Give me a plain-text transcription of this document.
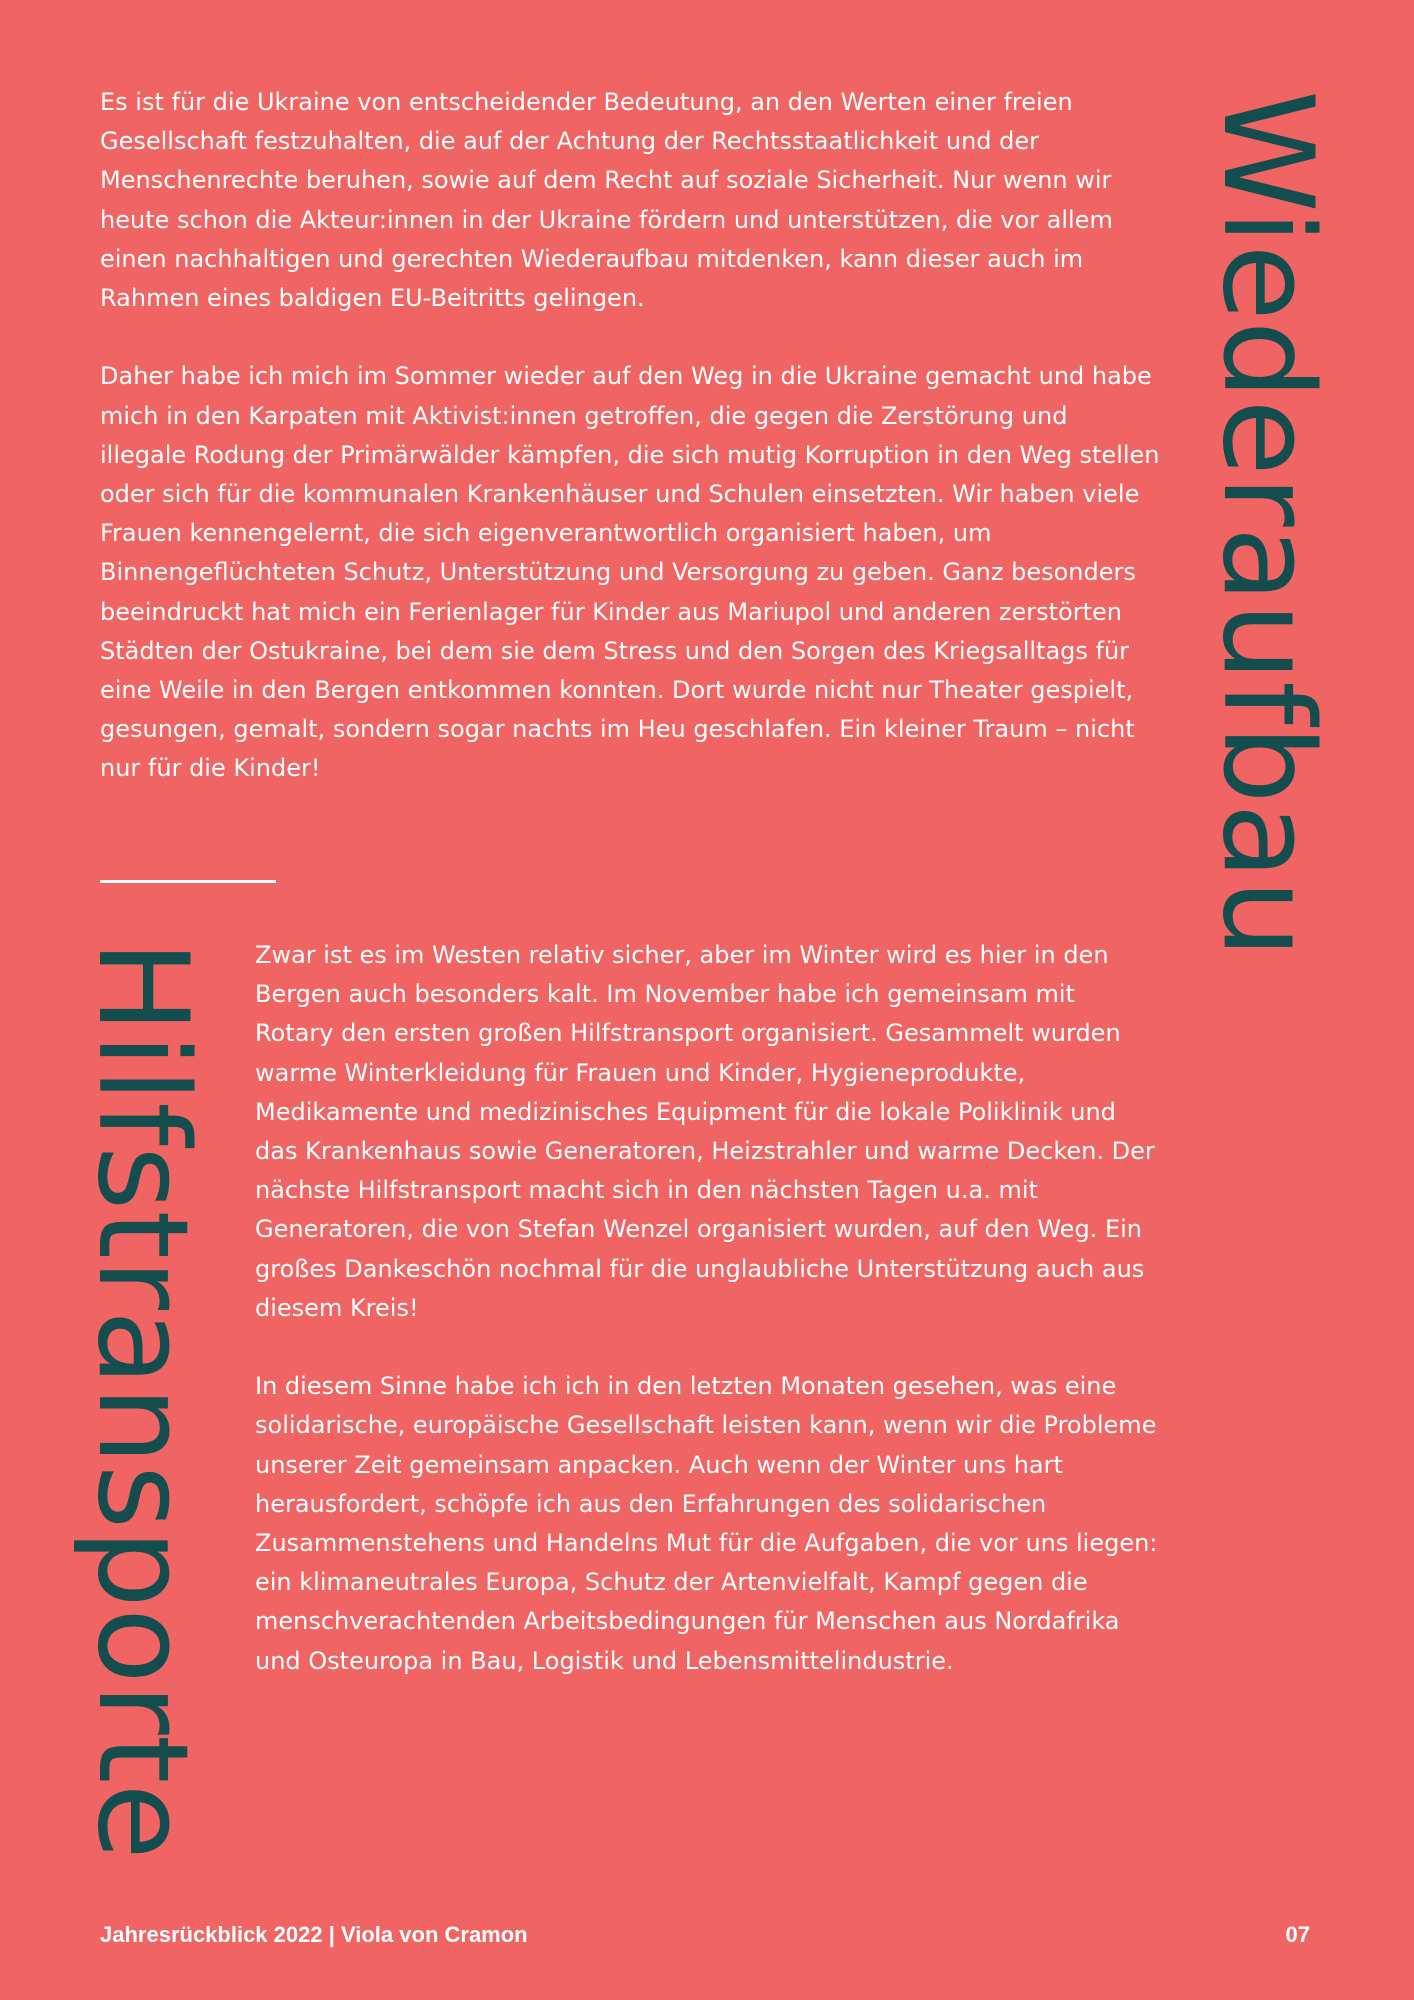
Es ist für die Ukraine von entscheidender Bedeutung, an den Werten einer freien Gesellschaft festzuhalten, die auf der Achtung der Rechtsstaatlichkeit und der Menschenrechte beruhen, sowie auf dem Recht auf soziale Sicherheit. Nur wenn wir heute schon die Akteur:innen in der Ukraine fördern und unterstützen, die vor allem einen nachhaltigen und gerechten Wiederaufbau mitdenken, kann dieser auch im Rahmen eines baldigen EU-Beitritts gelingen.

Daher habe ich mich im Sommer wieder auf den Weg in die Ukraine gemacht und habe mich in den Karpaten mit Aktivist:innen getroffen, die gegen die Zerstörung und illegale Rodung der Primärwälder kämpfen, die sich mutig Korruption in den Weg stellen oder sich für die kommunalen Krankenhäuser und Schulen einsetzten. Wir haben viele Frauen kennengelernt, die sich eigenverantwortlich organisiert haben, um Binnengeflüchteten Schutz, Unterstützung und Versorgung zu geben. Ganz besonders beeindruckt hat mich ein Ferienlager für Kinder aus Mariupol und anderen zerstörten Städten der Ostukraine, bei dem sie dem Stress und den Sorgen des Kriegsalltags für eine Weile in den Bergen entkommen konnten. Dort wurde nicht nur Theater gespielt, gesungen, gemalt, sondern sogar nachts im Heu geschlafen. Ein kleiner Traum – nicht nur für die Kinder!	Wiederaufbau
Hilfstransporte Zwar ist es im Westen relativ sicher, aber im Winter wird es hier in den Bergen auch besonders kalt. Im November habe ich gemeinsam mit Rotary den ersten großen Hilfstransport organisiert. Gesammelt wurden warme Winterkleidung für Frauen und Kinder, Hygieneprodukte, Medikamente und medizinisches Equipment für die lokale Poliklinik und das Krankenhaus sowie Generatoren, Heizstrahler und warme Decken. Der nächste Hilfstransport macht sich in den nächsten Tagen u.a. mit Generatoren, die von Stefan Wenzel organisiert wurden, auf den Weg. Ein großes Dankeschön nochmal für die unglaubliche Unterstützung auch aus diesem Kreis!

In diesem Sinne habe ich ich in den letzten Monaten gesehen, was eine solidarische, europäische Gesellschaft leisten kann, wenn wir die Probleme unserer Zeit gemeinsam anpacken. Auch wenn der Winter uns hart herausfordert, schöpfe ich aus den Erfahrungen des solidarischen Zusammenstehens und Handelns Mut für die Aufgaben, die vor uns liegen: ein klimaneutrales Europa, Schutz der Artenvielfalt, Kampf gegen die menschverachtenden Arbeitsbedingungen für Menschen aus Nordafrika und Osteuropa in Bau, Logistik und Lebensmittelindustrie.

Jahresrückblick 2022 | Viola von Cramon	07
